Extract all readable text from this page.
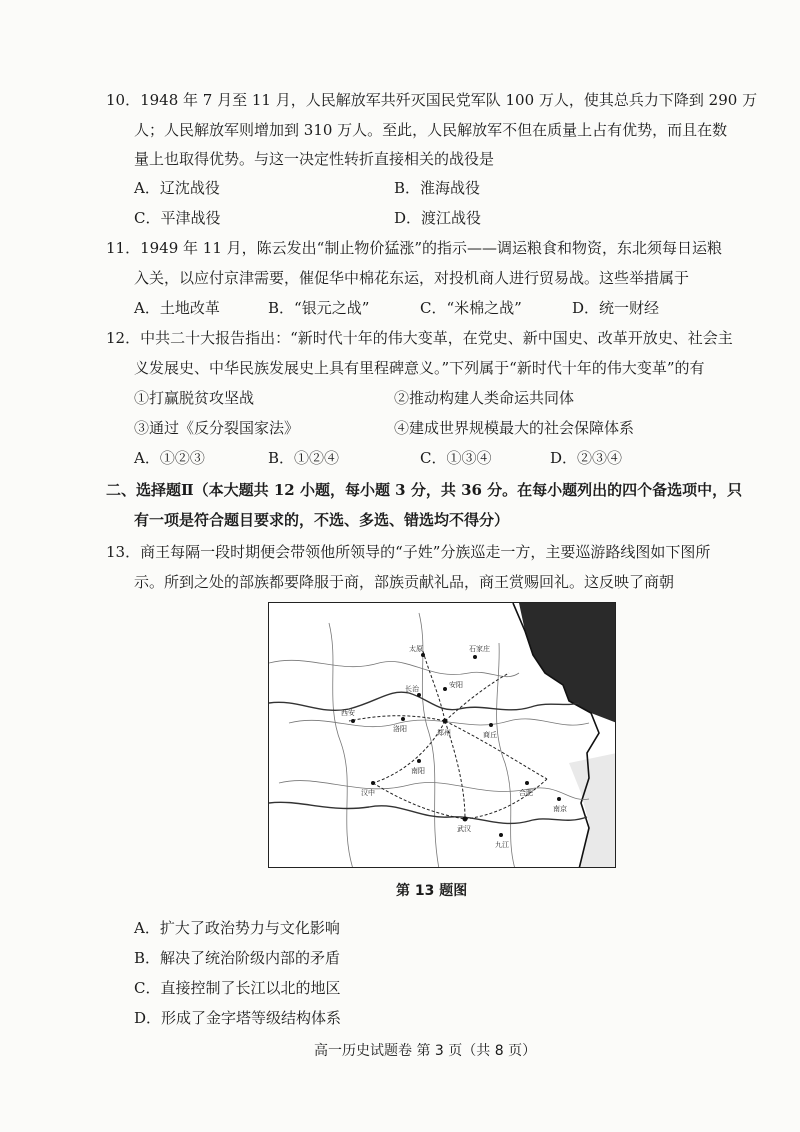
10．1948 年 7 月至 11 月，人民解放军共歼灭国民党军队 100 万人，使其总兵力下降到 290 万
人；人民解放军则增加到 310 万人。至此，人民解放军不但在质量上占有优势，而且在数
量上也取得优势。与这一决定性转折直接相关的战役是
A．辽沈战役	B．淮海战役
C．平津战役	D．渡江战役
11．1949 年 11 月，陈云发出“制止物价猛涨”的指示——调运粮食和物资，东北须每日运粮
入关，以应付京津需要，催促华中棉花东运，对投机商人进行贸易战。这些举措属于
A．土地改革	B．“银元之战”	C．“米棉之战”	D．统一财经
12．中共二十大报告指出：“新时代十年的伟大变革，在党史、新中国史、改革开放史、社会主
义发展史、中华民族发展史上具有里程碑意义。”下列属于“新时代十年的伟大变革”的有
①打赢脱贫攻坚战	②推动构建人类命运共同体
③通过《反分裂国家法》	④建成世界规模最大的社会保障体系
A．①②③	B．①②④	C．①③④	D．②③④
二、选择题Ⅱ（本大题共 12 小题，每小题 3 分，共 36 分。在每小题列出的四个备选项中，只
有一项是符合题目要求的，不选、多选、错选均不得分）
13．商王每隔一段时期便会带领他所领导的“子姓”分族巡走一方，主要巡游路线图如下图所
示。所到之处的部族都要降服于商，部族贡献礼品，商王赏赐回礼。这反映了商朝
太原	石家庄
长治	安阳
郑州	商丘
洛阳
西安
南阳
汉中
武汉
合肥
九江
南京
第 13 题图
A．扩大了政治势力与文化影响
B．解决了统治阶级内部的矛盾
C．直接控制了长江以北的地区
D．形成了金字塔等级结构体系
高一历史试题卷 第 3 页（共 8 页）
